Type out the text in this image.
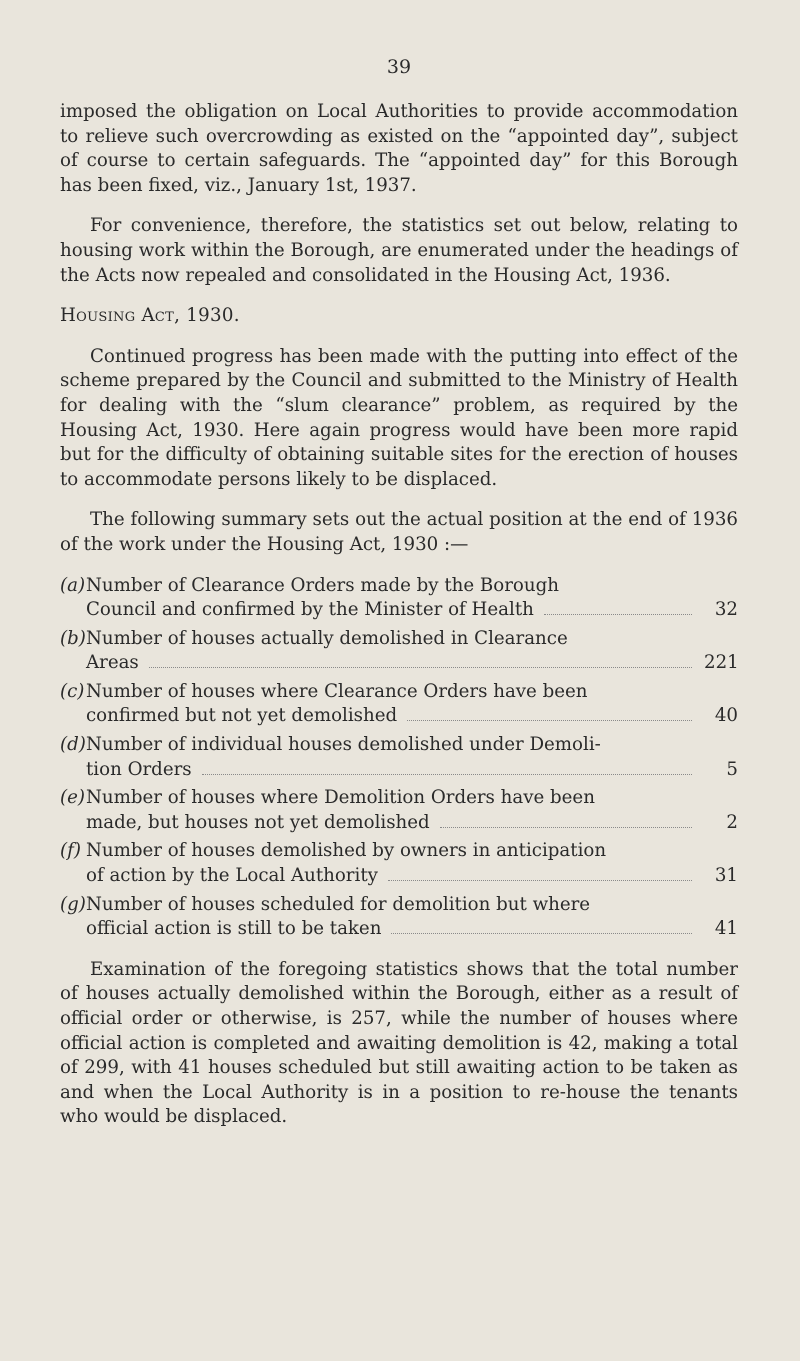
39

imposed the obligation on Local Authorities to provide accommodation to relieve such overcrowding as existed on the “appointed day”, subject of course to certain safeguards. The “appointed day” for this Borough has been fixed, viz., January 1st, 1937.

For convenience, therefore, the statistics set out below, relating to housing work within the Borough, are enumerated under the headings of the Acts now repealed and consolidated in the Housing Act, 1936.

Housing Act, 1930.

Continued progress has been made with the putting into effect of the scheme prepared by the Council and submitted to the Ministry of Health for dealing with the “slum clearance” problem, as required by the Housing Act, 1930. Here again progress would have been more rapid but for the difficulty of obtaining suitable sites for the erection of houses to accommodate persons likely to be displaced.

The following summary sets out the actual position at the end of 1936 of the work under the Housing Act, 1930 :—

(a) Number of Clearance Orders made by the Borough
Council and confirmed by the Minister of Health	32
(b) Number of houses actually demolished in Clearance
Areas	221
(c) Number of houses where Clearance Orders have been
confirmed but not yet demolished	40
(d) Number of individual houses demolished under Demoli-
tion Orders	5
(e) Number of houses where Demolition Orders have been
made, but houses not yet demolished	2
(f) Number of houses demolished by owners in anticipation
of action by the Local Authority	31
(g) Number of houses scheduled for demolition but where
official action is still to be taken	41

Examination of the foregoing statistics shows that the total number of houses actually demolished within the Borough, either as a result of official order or otherwise, is 257, while the number of houses where official action is completed and awaiting demolition is 42, making a total of 299, with 41 houses scheduled but still awaiting action to be taken as and when the Local Authority is in a position to re-house the tenants who would be displaced.
